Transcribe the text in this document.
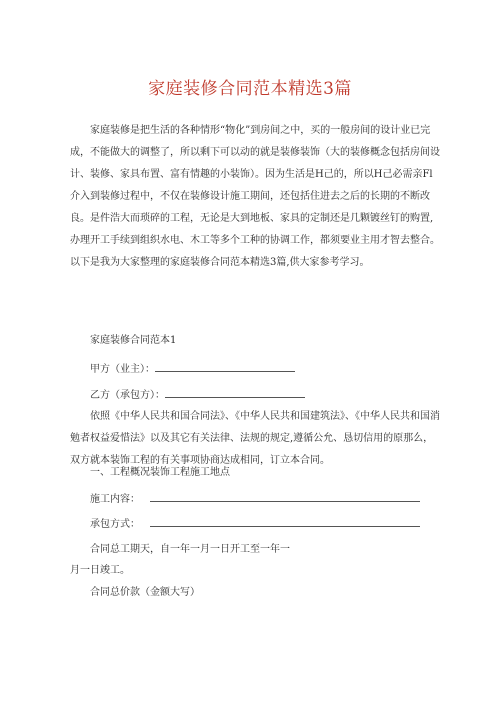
家庭装修合同范本精选3篇
家庭装修是把生活的各种情形“物化”到房间之中，买的一般房间的设计业已完成，不能做大的调整了，所以剩下可以动的就是装修装饰（大的装修概念包括房间设计、装修、家具布置、富有情趣的小装饰）。因为生活是H己的，所以H己必需亲Fl介入到装修过程中，不仅在装修设计施工期间，还包括住进去之后的长期的不断改良。是件浩大而琐碎的工程，无论是大到地板、家具的定制还是几颗镀丝钉的购置,办理开工手续到组织水电、木工等多个工种的协调工作，都须要业主用才智去整合。以下是我为大家整理的家庭装修合同范本精选3篇,供大家参考学习。
家庭装修合同范本1
甲方（业主）：
乙方（承包方）：
依照《中华人民共和国合同法》、《中华人民共和国建筑法》、《中华人民共和国消勉者权益爱惜法》以及其它有关法律、法规的规定,遵循公允、恳切信用的原那么，双方就本装饰工程的有关事项协商达成相同，订立本合同。
一、工程概况装饰工程施工地点
施工内容：
承包方式：
合同总工期天，自一年一月一日开工至一年一
月一日竣工。
合同总价款（金额大写）
